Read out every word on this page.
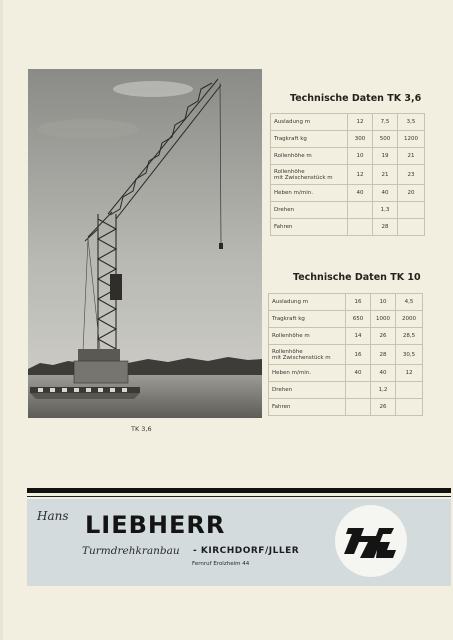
TK 3,6
Technische Daten TK 3,6
Ausladung m	12	7,5	3,5
Tragkraft kg	300	500	1200
Rollenhöhe m	10	19	21
Rollenhöhe
mit Zwischenstück m	12	21	23
Heben m/min.	40	40	20
Drehen		1,3	
Fahren		28	
Technische Daten TK 10
Ausladung m	16	10	4,5
Tragkraft kg	650	1000	2000
Rollenhöhe m	14	26	28,5
Rollenhöhe
mit Zwischenstück m	16	28	30,5
Heben m/min.	40	40	12
Drehen		1,2	
Fahren		26	
Hans LIEBHERR
Turmdrehkranbau - KIRCHDORF/JLLER
Fernruf Erolzheim 44
